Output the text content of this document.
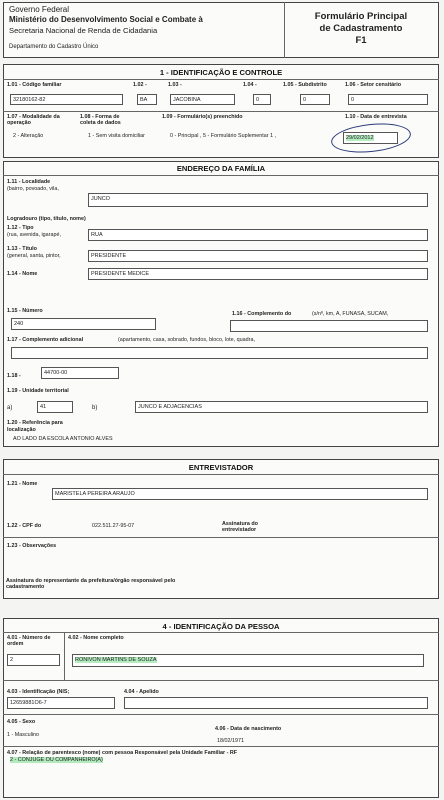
Governo Federal
Ministério do Desenvolvimento Social e Combate à
Secretaria Nacional de Renda de Cidadania
Departamento do Cadastro Único
Formulário Principal
de Cadastramento
F1
1 - IDENTIFICAÇÃO E CONTROLE
1.01 - Código familiar
32180162-82
1.02 -
BA
1.03 -
JACOBINA
1.04 -
0
1.05 - Subdistrito
0
1.06 - Setor censitário
0
1.07 - Modalidade da operação
2 - Alteração
1.08 - Forma de coleta de dados
1 - Sem visita domiciliar
1.09 - Formulário(s) preenchido
0 - Principal , 5 - Formulário Suplementar 1 ,
1.10 - Data de entrevista
29/02/2012
ENDEREÇO DA FAMÍLIA
1.11 - Localidade
(bairro, povoado, vila,
JUNCO
Logradouro (tipo, título, nome)
1.12 - Tipo
(rua, avenida, igarapé,	RUA
1.13 - Título
(general, santa, pintor,	PRESIDENTE
1.14 - Nome	PRESIDENTE MEDICE
1.15 - Número
240
1.16 - Complemento do	(s/nº, km, A, FUNASA, SUCAM,
1.17 - Complemento adicional	(apartamento, casa, sobrado, fundos, bloco, lote, quadra,
1.18 -	44700-00
1.19 - Unidade territorial
a)	41	b)	JUNCO E ADJACENCIAS
1.20 - Referência para
localização
AO LADO DA ESCOLA ANTONIO ALVES
ENTREVISTADOR
1.21 - Nome
MARISTELA PEREIRA ARAUJO
1.22 - CPF do	022.511.27-95-07	Assinatura do entrevistador
1.23 - Observações
Assinatura do representante da prefeitura/órgão responsável pelo cadastramento
4 - IDENTIFICAÇÃO DA PESSOA
4.01 - Número de ordem
2
4.02 - Nome completo
RONIVON MARTINS DE SOUZA
4.03 - Identificação (NIS;
12659881O6-7
4.04 - Apelido
4.05 - Sexo
1 - Masculino
4.06 - Data de nascimento
18/02/1971
4.07 - Relação de parentesco (nome) com pessoa Responsável pela Unidade Familiar - RF
2 - CONJUGE OU COMPANHEIRO(A)
